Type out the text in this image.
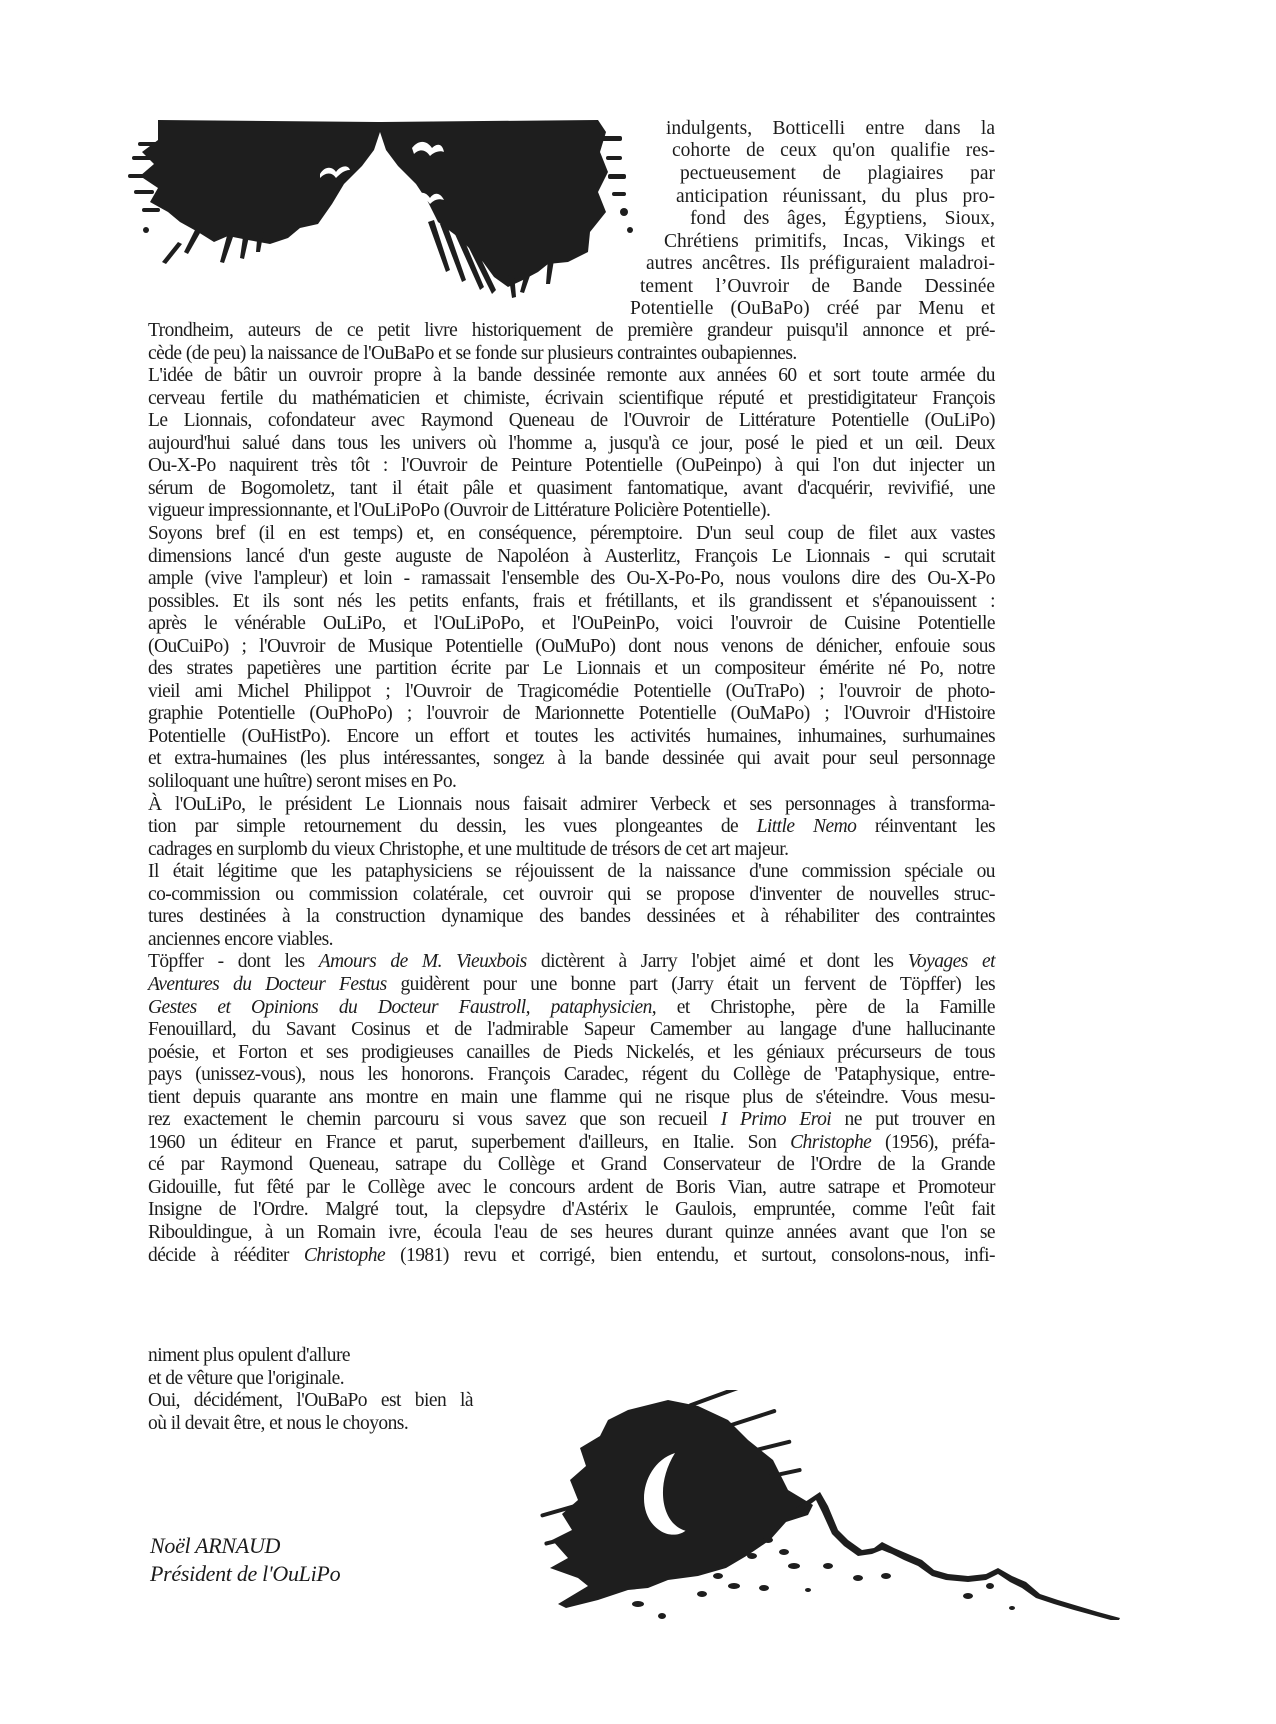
indulgents, Botticelli entre dans la
cohorte de ceux qu'on qualifie res-
pectueusement de plagiaires par
anticipation réunissant, du plus pro-
fond des âges, Égyptiens, Sioux,
Chrétiens primitifs, Incas, Vikings et
autres ancêtres. Ils préfiguraient maladroi-
tement l’Ouvroir de Bande Dessinée
Potentielle (OuBaPo) créé par Menu et
Trondheim, auteurs de ce petit livre historiquement de première grandeur puisqu'il annonce et pré-
cède (de peu) la naissance de l'OuBaPo et se fonde sur plusieurs contraintes oubapiennes.
L'idée de bâtir un ouvroir propre à la bande dessinée remonte aux années 60 et sort toute armée du
cerveau fertile du mathématicien et chimiste, écrivain scientifique réputé et prestidigitateur François
Le Lionnais, cofondateur avec Raymond Queneau de l'Ouvroir de Littérature Potentielle (OuLiPo)
aujourd'hui salué dans tous les univers où l'homme a, jusqu'à ce jour, posé le pied et un œil. Deux
Ou-X-Po naquirent très tôt : l'Ouvroir de Peinture Potentielle (OuPeinpo) à qui l'on dut injecter un
sérum de Bogomoletz, tant il était pâle et quasiment fantomatique, avant d'acquérir, revivifié, une
vigueur impressionnante, et l'OuLiPoPo (Ouvroir de Littérature Policière Potentielle).
Soyons bref (il en est temps) et, en conséquence, péremptoire. D'un seul coup de filet aux vastes
dimensions lancé d'un geste auguste de Napoléon à Austerlitz, François Le Lionnais - qui scrutait
ample (vive l'ampleur) et loin - ramassait l'ensemble des Ou-X-Po-Po, nous voulons dire des Ou-X-Po
possibles. Et ils sont nés les petits enfants, frais et frétillants, et ils grandissent et s'épanouissent :
après le vénérable OuLiPo, et l'OuLiPoPo, et l'OuPeinPo, voici l'ouvroir de Cuisine Potentielle
(OuCuiPo) ; l'Ouvroir de Musique Potentielle (OuMuPo) dont nous venons de dénicher, enfouie sous
des strates papetières une partition écrite par Le Lionnais et un compositeur émérite né Po, notre
vieil ami Michel Philippot ; l'Ouvroir de Tragicomédie Potentielle (OuTraPo) ; l'ouvroir de photo-
graphie Potentielle (OuPhoPo) ; l'ouvroir de Marionnette Potentielle (OuMaPo) ; l'Ouvroir d'Histoire
Potentielle (OuHistPo). Encore un effort et toutes les activités humaines, inhumaines, surhumaines
et extra-humaines (les plus intéressantes, songez à la bande dessinée qui avait pour seul personnage
soliloquant une huître) seront mises en Po.
À l'OuLiPo, le président Le Lionnais nous faisait admirer Verbeck et ses personnages à transforma-
tion par simple retournement du dessin, les vues plongeantes de Little Nemo réinventant les
cadrages en surplomb du vieux Christophe, et une multitude de trésors de cet art majeur.
Il était légitime que les pataphysiciens se réjouissent de la naissance d'une commission spéciale ou
co-commission ou commission colatérale, cet ouvroir qui se propose d'inventer de nouvelles struc-
tures destinées à la construction dynamique des bandes dessinées et à réhabiliter des contraintes
anciennes encore viables.
Töpffer - dont les Amours de M. Vieuxbois dictèrent à Jarry l'objet aimé et dont les Voyages et
Aventures du Docteur Festus guidèrent pour une bonne part (Jarry était un fervent de Töpffer) les
Gestes et Opinions du Docteur Faustroll, pataphysicien, et Christophe, père de la Famille
Fenouillard, du Savant Cosinus et de l'admirable Sapeur Camember au langage d'une hallucinante
poésie, et Forton et ses prodigieuses canailles de Pieds Nickelés, et les géniaux précurseurs de tous
pays (unissez-vous), nous les honorons. François Caradec, régent du Collège de 'Pataphysique, entre-
tient depuis quarante ans montre en main une flamme qui ne risque plus de s'éteindre. Vous mesu-
rez exactement le chemin parcouru si vous savez que son recueil I Primo Eroi ne put trouver en
1960 un éditeur en France et parut, superbement d'ailleurs, en Italie. Son Christophe (1956), préfa-
cé par Raymond Queneau, satrape du Collège et Grand Conservateur de l'Ordre de la Grande
Gidouille, fut fêté par le Collège avec le concours ardent de Boris Vian, autre satrape et Promoteur
Insigne de l'Ordre. Malgré tout, la clepsydre d'Astérix le Gaulois, empruntée, comme l'eût fait
Ribouldingue, à un Romain ivre, écoula l'eau de ses heures durant quinze années avant que l'on se
décide à rééditer Christophe (1981) revu et corrigé, bien entendu, et surtout, consolons-nous, infi-
niment plus opulent d'allure
et de vêture que l'originale.
Oui, décidément, l'OuBaPo est bien là
où il devait être, et nous le choyons.
Noël ARNAUD
Président de l'OuLiPo
